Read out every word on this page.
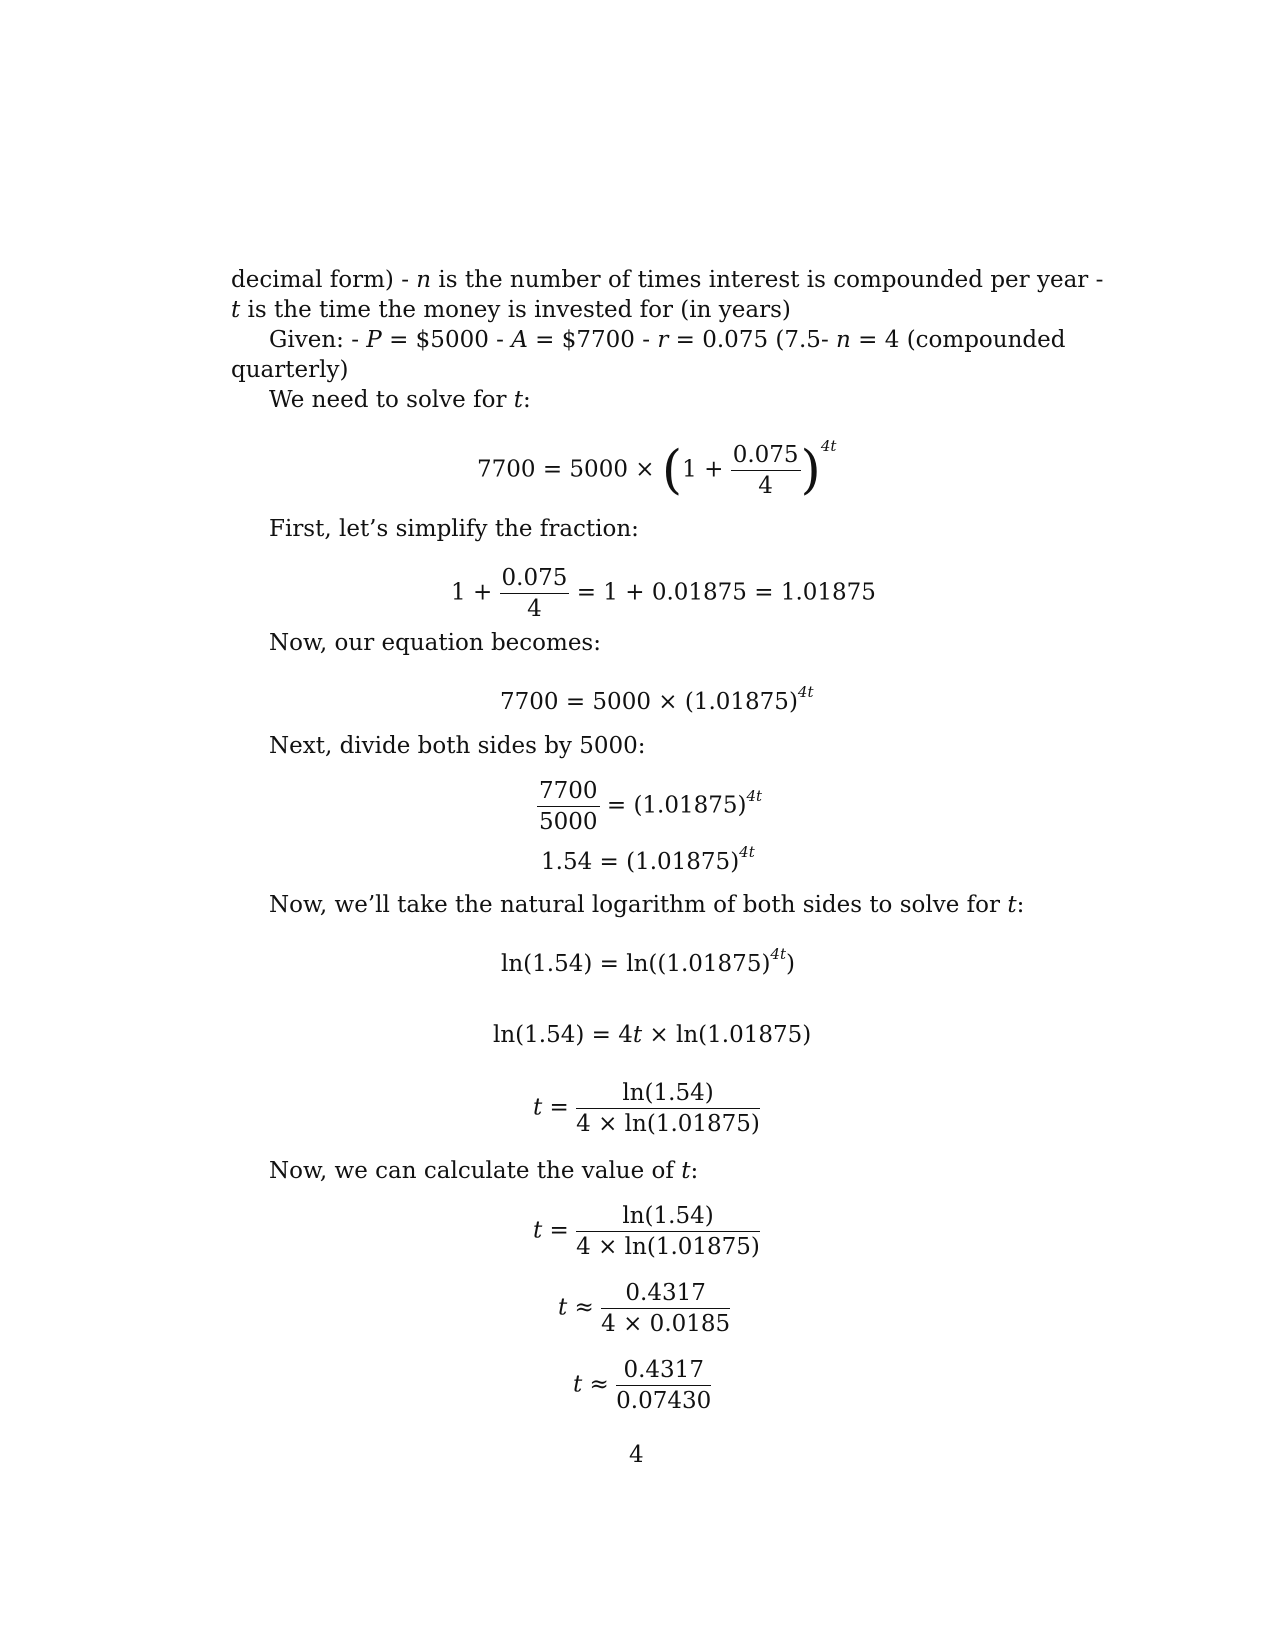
decimal form) - n is the number of times interest is compounded per year -
t is the time the money is invested for (in years)
Given: - P = $5000 - A = $7700 - r = 0.075 (7.5- n = 4 (compounded
quarterly)
We need to solve for t:
$7700 = 5000 \times (1 + \frac{0.075}{4} )^{4t}$
First, let’s simplify the fraction:
$1 + \frac{0.075}{4} = 1 + 0.01875 = 1.01875$
Now, our equation becomes:
$7700 = 5000 \times (1.01875)^{4t}$
Next, divide both sides by 5000:
$\frac{7700}{5000} = (1.01875)^{4t}$
$1.54 = (1.01875)^{4t}$
Now, we’ll take the natural logarithm of both sides to solve for t:
$\ln(1.54) = \ln((1.01875)^{4t})$
ln(1.54) = 4t × ln(1.01875)
$t = \frac{\ln(1.54)}{4 \times \ln(1.01875)}$
Now, we can calculate the value of t:
$t = \frac{\ln(1.54)}{4 \times \ln(1.01875)}$
$t \approx \frac{0.4317}{4 \times 0.0185}$
$t \approx \frac{0.4317}{0.07430}$
4
